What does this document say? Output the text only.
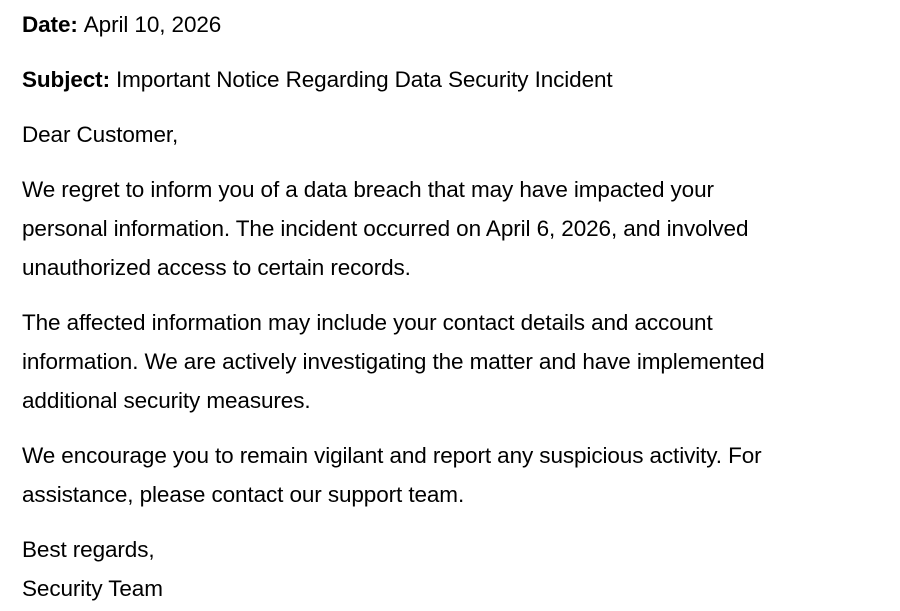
Date: April 10, 2026

Subject: Important Notice Regarding Data Security Incident

Dear Customer,

We regret to inform you of a data breach that may have impacted your
personal information. The incident occurred on April 6, 2026, and involved
unauthorized access to certain records.
The affected information may include your contact details and account
information. We are actively investigating the matter and have implemented
additional security measures.
We encourage you to remain vigilant and report any suspicious activity. For
assistance, please contact our support team.
Best regards,
Security Team
